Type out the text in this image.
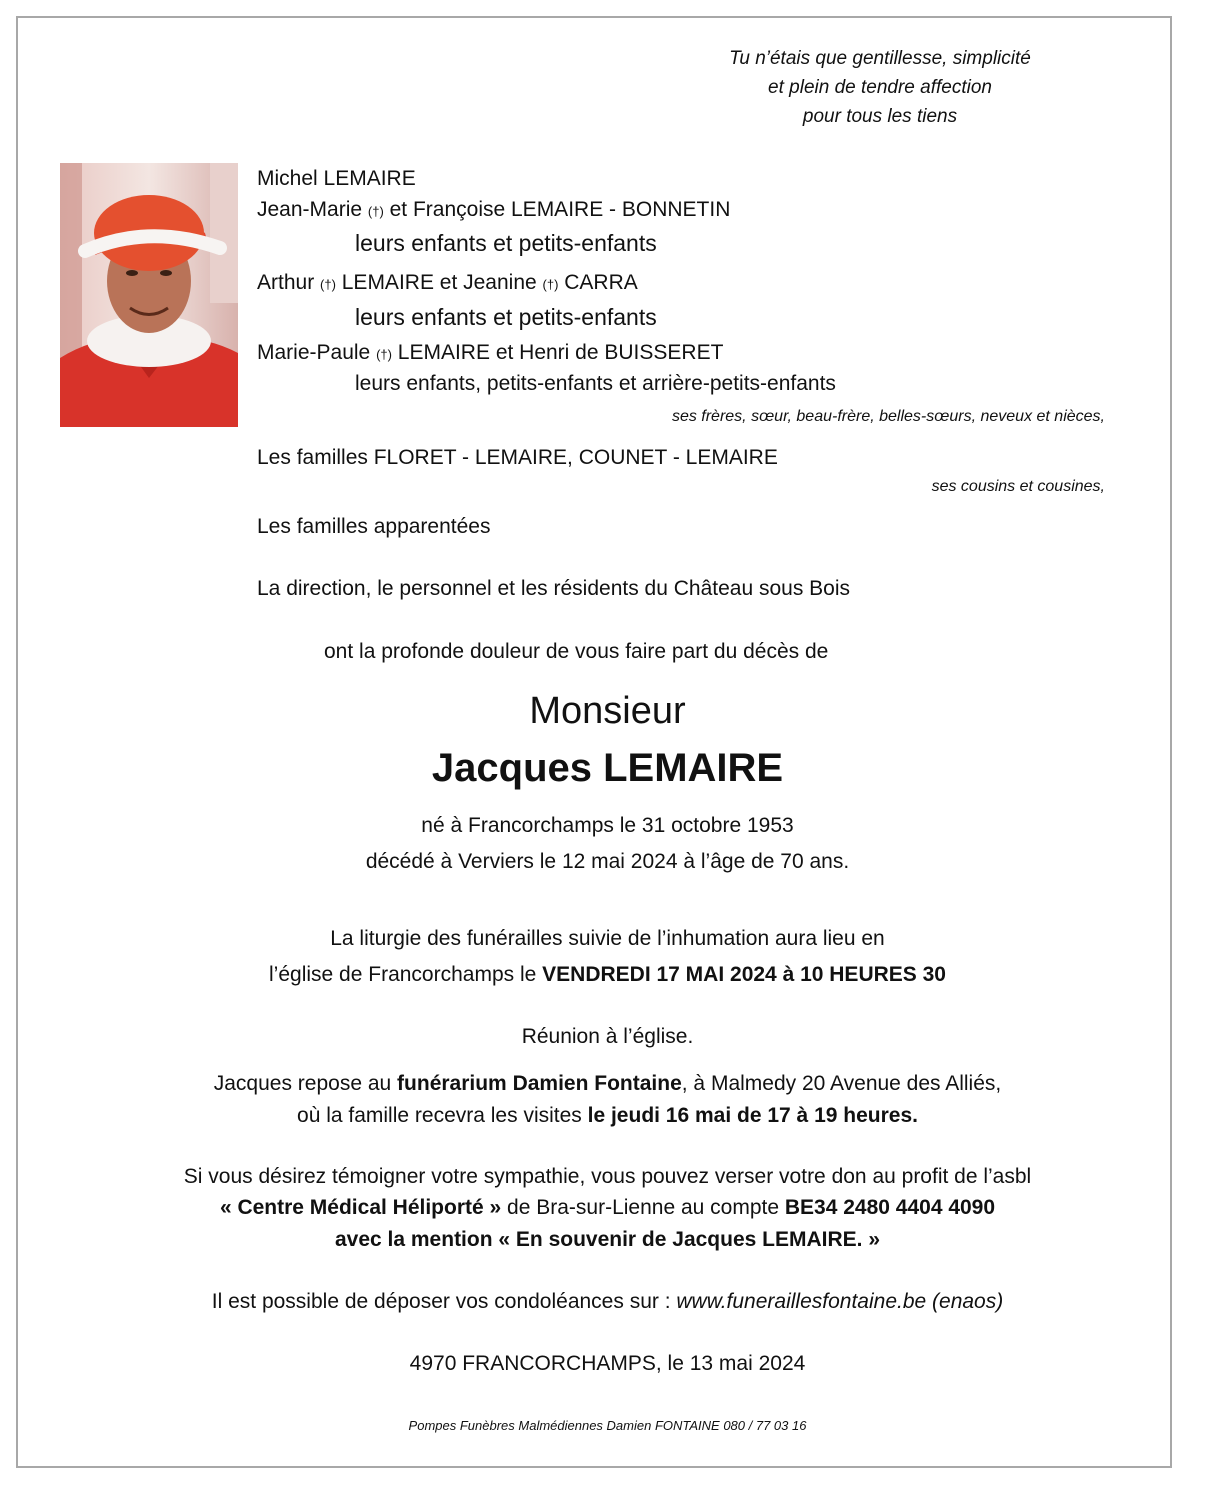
Tu n’étais que gentillesse, simplicité
et plein de tendre affection
pour tous les tiens
Michel LEMAIRE
Jean-Marie (†) et Françoise LEMAIRE - BONNETIN
leurs enfants et petits-enfants
Arthur (†) LEMAIRE et Jeanine (†) CARRA
leurs enfants et petits-enfants
Marie-Paule (†) LEMAIRE et Henri de BUISSERET
leurs enfants, petits-enfants et arrière-petits-enfants
ses frères, sœur, beau-frère, belles-sœurs, neveux et nièces,
Les familles FLORET - LEMAIRE, COUNET - LEMAIRE
ses cousins et cousines,
Les familles apparentées
La direction, le personnel et les résidents du Château sous Bois
ont la profonde douleur de vous faire part du décès de
Monsieur
Jacques LEMAIRE
né à Francorchamps le 31 octobre 1953
décédé à Verviers le 12 mai 2024 à l’âge de 70 ans.
La liturgie des funérailles suivie de l’inhumation aura lieu en
l’église de Francorchamps le VENDREDI 17 MAI 2024 à 10 HEURES 30
Réunion à l’église.
Jacques repose au funérarium Damien Fontaine, à Malmedy 20 Avenue des Alliés,
où la famille recevra les visites le jeudi 16 mai de 17 à 19 heures.
Si vous désirez témoigner votre sympathie, vous pouvez verser votre don au profit de l’asbl
« Centre Médical Héliporté » de Bra-sur-Lienne au compte BE34 2480 4404 4090
avec la mention « En souvenir de Jacques LEMAIRE. »
Il est possible de déposer vos condoléances sur : www.funeraillesfontaine.be (enaos)
4970 FRANCORCHAMPS, le 13 mai 2024
Pompes Funèbres Malmédiennes Damien FONTAINE 080 / 77 03 16
